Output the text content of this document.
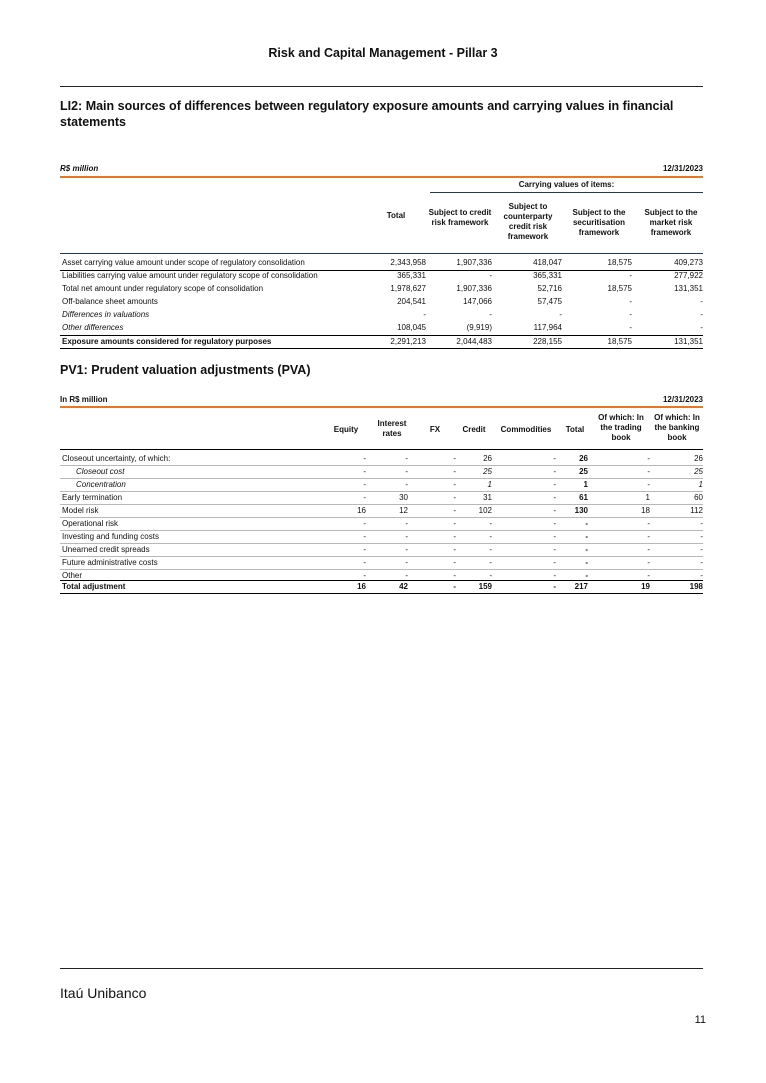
Risk and Capital Management - Pillar 3
LI2: Main sources of differences between regulatory exposure amounts and carrying values in financial statements
R$ million	12/31/2023
Carrying values of items:
Total	Subject to credit risk framework
Subject to counterparty credit risk framework
Subject to the securitisation framework
Subject to the market risk framework
Asset carrying value amount under scope of regulatory consolidation	2,343,958	1,907,336	418,047	18,575	409,273
Liabilities carrying value amount under regulatory scope of consolidation	365,331	-	365,331	-	277,922
Total net amount under regulatory scope of consolidation	1,978,627	1,907,336	52,716	18,575	131,351
Off-balance sheet amounts	204,541	147,066	57,475	-	-
Differences in valuations	-	-	-	-	-
Other differences	108,045	(9,919)	117,964	-	-
Exposure amounts considered for regulatory purposes	2,291,213	2,044,483	228,155	18,575	131,351
PV1: Prudent valuation adjustments (PVA)
In R$ million	12/31/2023
Equity
Interest rates	FX	Credit	Commodities	Total
Of which: In the trading book
Of which: In the banking book
Closeout uncertainty, of which:	-	-	-	26	-	26	-	26
Closeout cost	-	-	-	25	-	25	-	25
Concentration	-	-	-	1	-	1	-	1
Early termination	-	30	-	31	-	61	1	60
Model risk	16	12	-	102	-	130	18	112
Operational risk	-	-	-	-	-	-	-	-
Investing and funding costs	-	-	-	-	-	-	-	-
Unearned credit spreads	-	-	-	-	-	-	-	-
Future administrative costs	-	-	-	-	-	-	-	-
Other	-	-	-	-	-	-	-	-
Total adjustment	16	42	-	159	-	217	19	198
Itaú Unibanco
11
